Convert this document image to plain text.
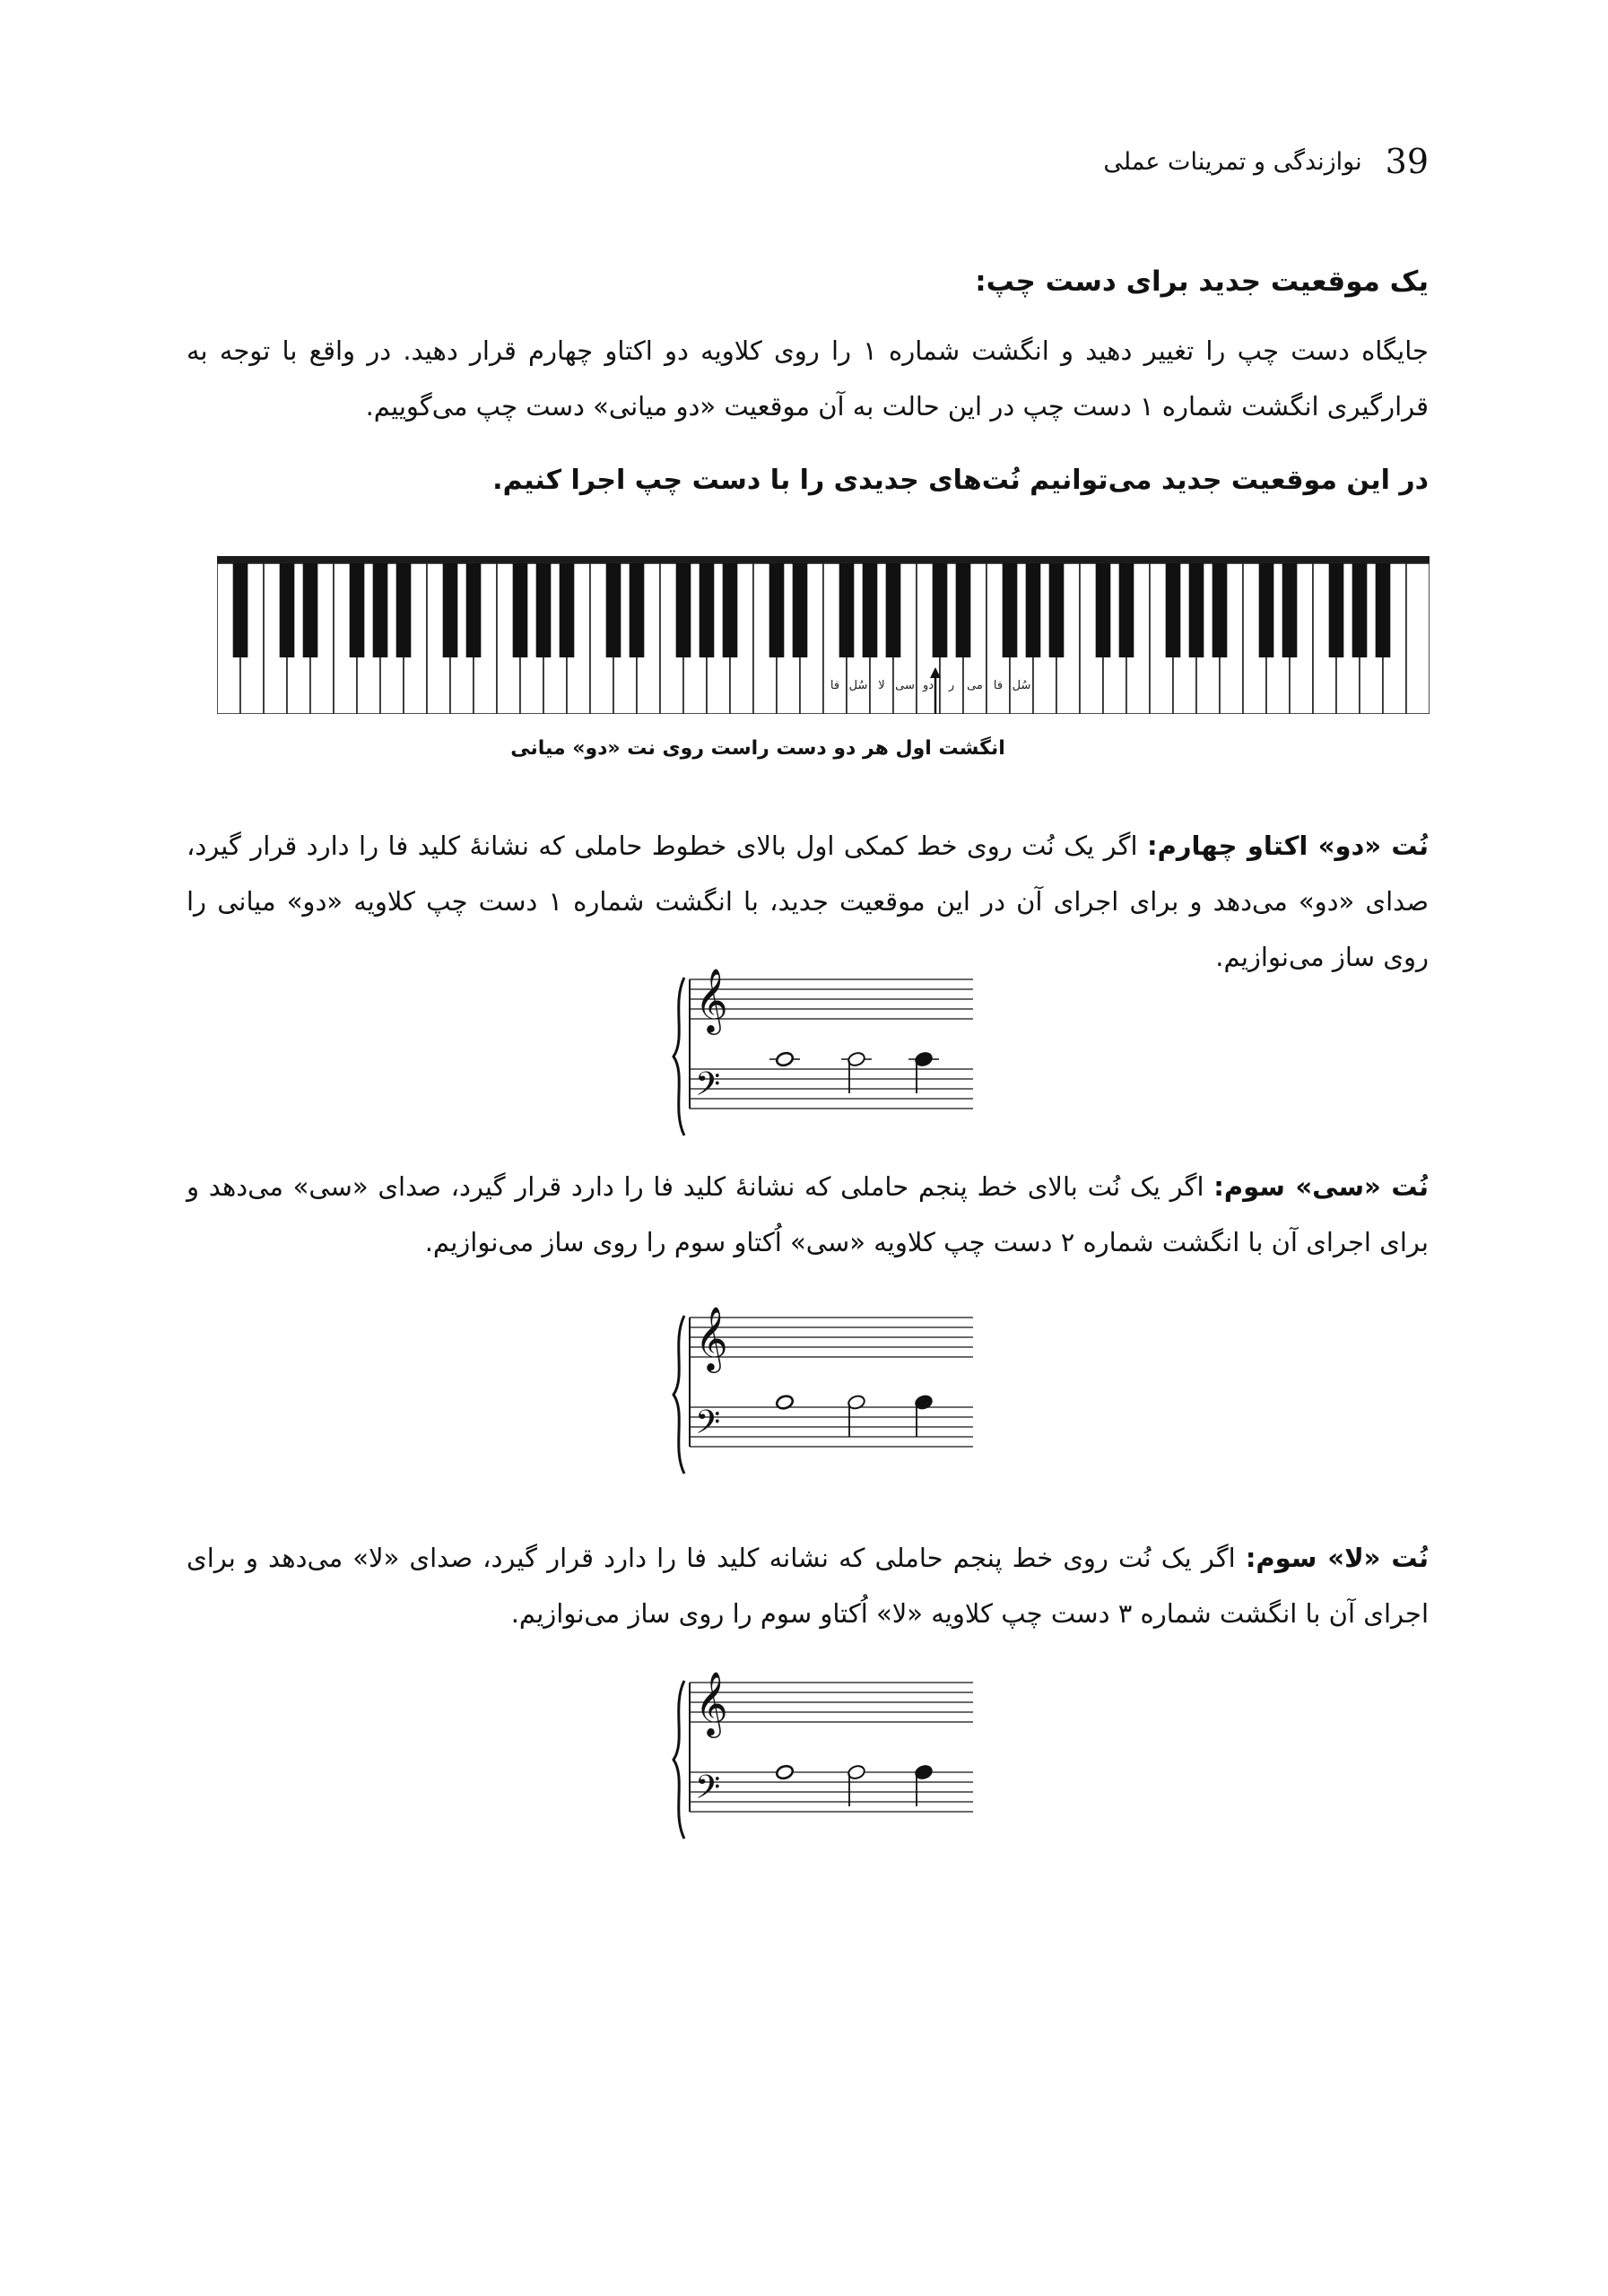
39
نوازندگی و تمرینات عملی
یک موقعیت جدید برای دست چپ:
جایگاه دست چپ را تغییر دهید و انگشت شماره ۱ را روی کلاویه دو اکتاو چهارم قرار دهید. در واقع با توجه به قرارگیری انگشت شماره ۱ دست چپ در این حالت به آن موقعیت «دو میانی» دست چپ می‌گوییم.
در این موقعیت جدید می‌توانیم نُت‌های جدیدی را با دست چپ اجرا کنیم.
فا سُل لا سی دو ر می فا سُل
انگشت اول هر دو دست راست روی نت «دو» میانی
نُت «دو» اکتاو چهارم: اگر یک نُت روی خط کمکی اول بالای خطوط حاملی که نشانهٔ کلید فا را دارد قرار گیرد، صدای «دو» می‌دهد و برای اجرای آن در این موقعیت جدید، با انگشت شماره ۱ دست چپ کلاویه «دو» میانی را روی ساز می‌نوازیم.
𝄞
𝄢
نُت «سی» سوم: اگر یک نُت بالای خط پنجم حاملی که نشانهٔ کلید فا را دارد قرار گیرد، صدای «سی» می‌دهد و برای اجرای آن با انگشت شماره ۲ دست چپ کلاویه «سی» اُکتاو سوم را روی ساز می‌نوازیم.
𝄞
𝄢
نُت «لا» سوم: اگر یک نُت روی خط پنجم حاملی که نشانه کلید فا را دارد قرار گیرد، صدای «لا» می‌دهد و برای اجرای آن با انگشت شماره ۳ دست چپ کلاویه «لا» اُکتاو سوم را روی ساز می‌نوازیم.
𝄞
𝄢
